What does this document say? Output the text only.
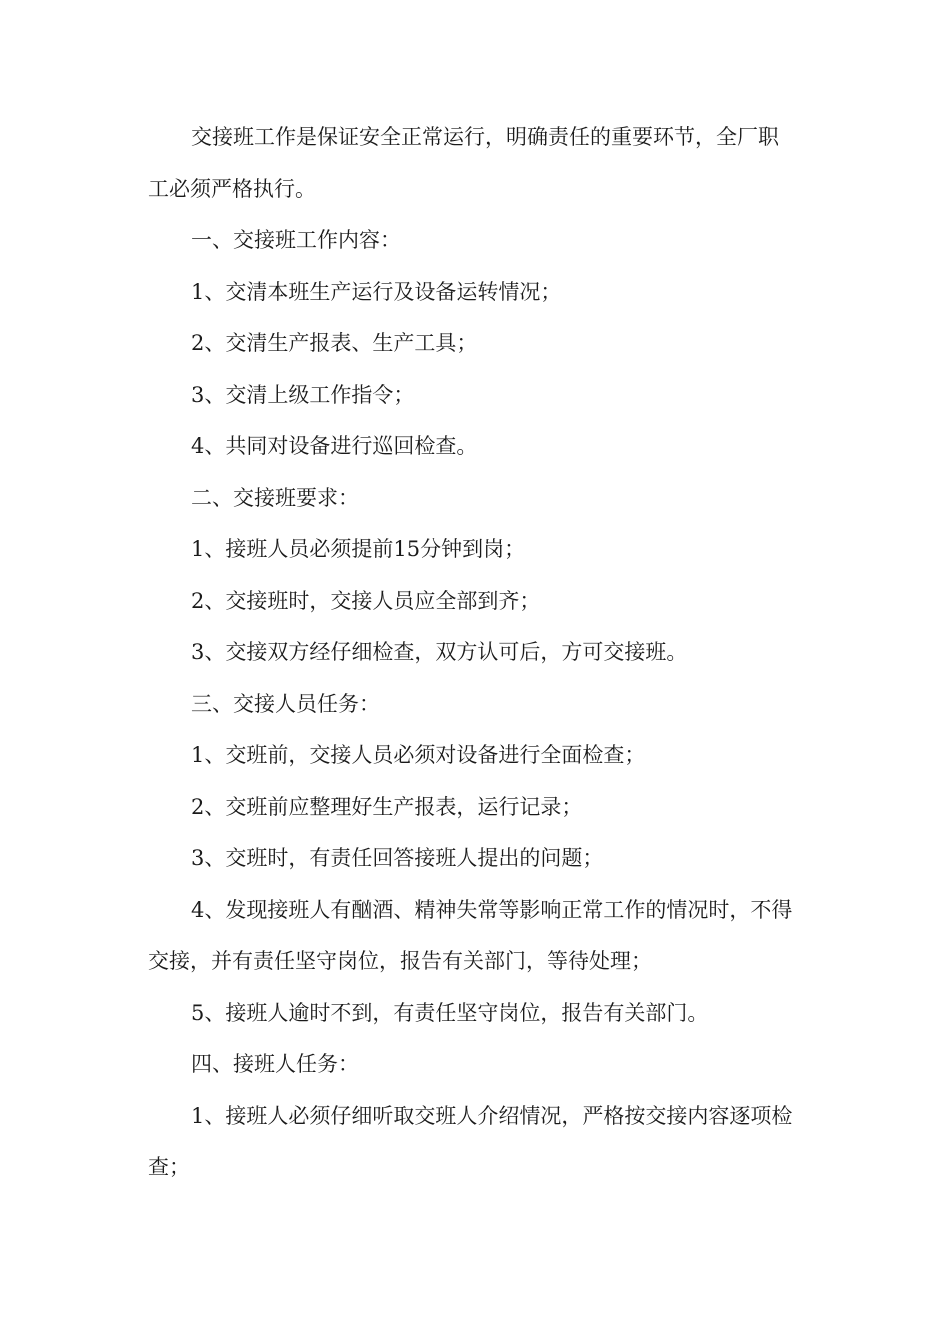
交接班工作是保证安全正常运行，明确责任的重要环节，全厂职工必须严格执行。

一、交接班工作内容：

1、交清本班生产运行及设备运转情况；

2、交清生产报表、生产工具；

3、交清上级工作指令；

4、共同对设备进行巡回检查。

二、交接班要求：

1、接班人员必须提前15分钟到岗；

2、交接班时，交接人员应全部到齐；

3、交接双方经仔细检查，双方认可后，方可交接班。

三、交接人员任务：

1、交班前，交接人员必须对设备进行全面检查；

2、交班前应整理好生产报表，运行记录；

3、交班时，有责任回答接班人提出的问题；

4、发现接班人有酗酒、精神失常等影响正常工作的情况时，不得交接，并有责任坚守岗位，报告有关部门，等待处理；

5、接班人逾时不到，有责任坚守岗位，报告有关部门。

四、接班人任务：

1、接班人必须仔细听取交班人介绍情况，严格按交接内容逐项检查；
